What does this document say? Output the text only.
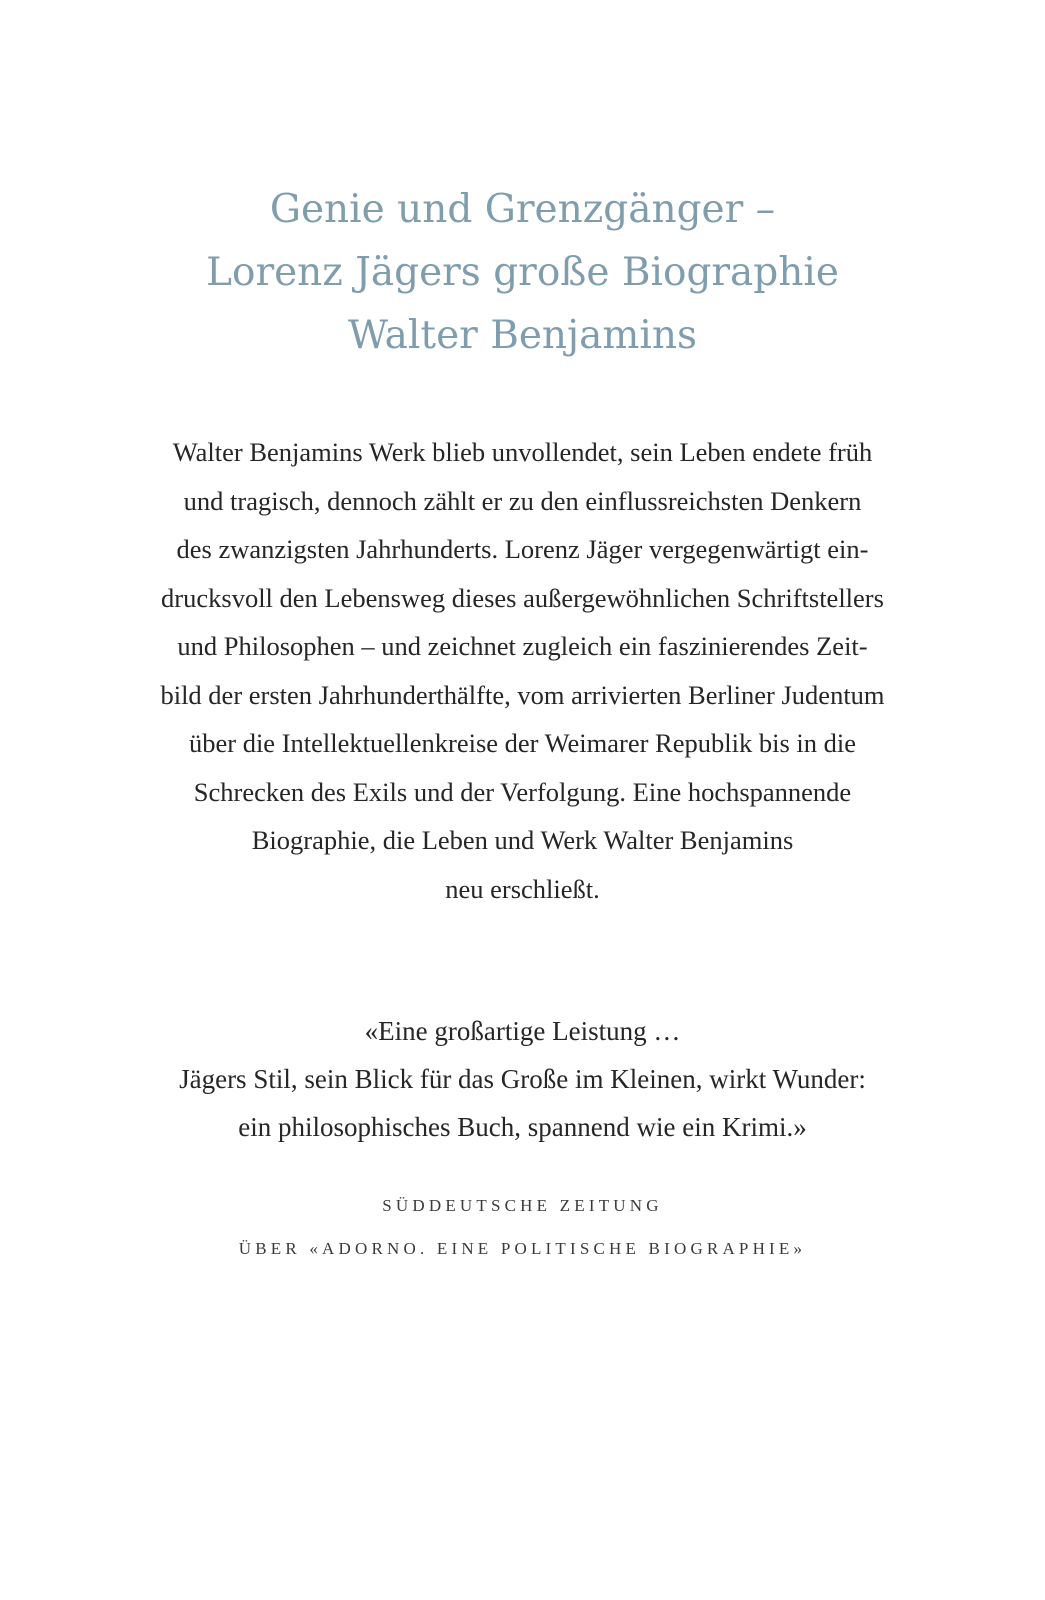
Genie und Grenzgänger –
Lorenz Jägers große Biographie
Walter Benjamins

Walter Benjamins Werk blieb unvollendet, sein Leben endete früh
und tragisch, dennoch zählt er zu den einflussreichsten Denkern
des zwanzigsten Jahrhunderts. Lorenz Jäger vergegenwärtigt ein-
drucksvoll den Lebensweg dieses außergewöhnlichen Schriftstellers
und Philosophen – und zeichnet zugleich ein faszinierendes Zeit-
bild der ersten Jahrhunderthälfte, vom arrivierten Berliner Judentum
über die Intellektuellenkreise der Weimarer Republik bis in die
Schrecken des Exils und der Verfolgung. Eine hochspannende
Biographie, die Leben und Werk Walter Benjamins
neu erschließt.

«Eine großartige Leistung …
Jägers Stil, sein Blick für das Große im Kleinen, wirkt Wunder:
ein philosophisches Buch, spannend wie ein Krimi.»

SÜDDEUTSCHE ZEITUNG
ÜBER «ADORNO. EINE POLITISCHE BIOGRAPHIE»
